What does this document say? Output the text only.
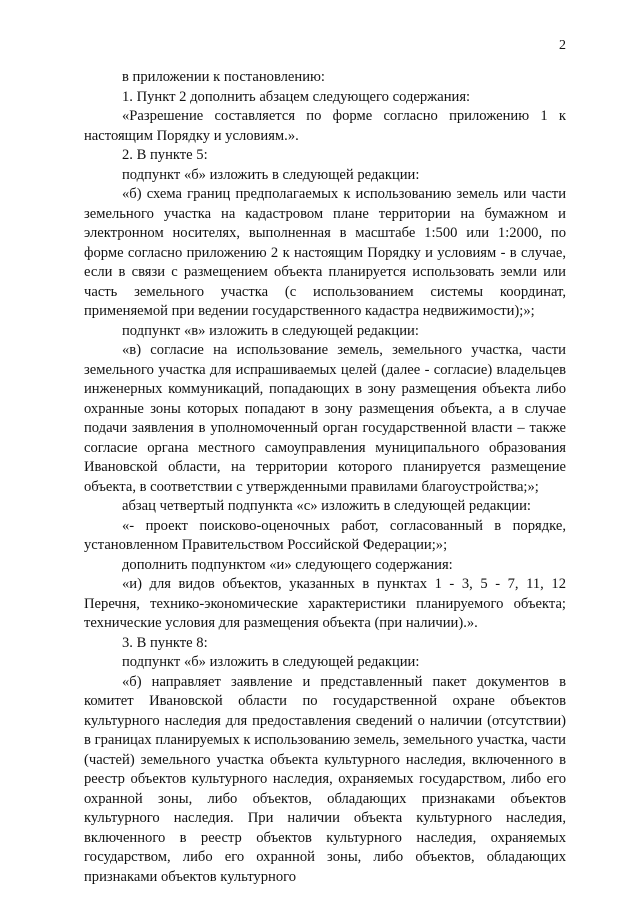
2

в приложении к постановлению:

1. Пункт 2 дополнить абзацем следующего содержания:

«Разрешение составляется по форме согласно приложению 1 к настоящим Порядку и условиям.».

2. В пункте 5:

подпункт «б» изложить в следующей редакции:

«б) схема границ предполагаемых к использованию земель или части земельного участка на кадастровом плане территории на бумажном и электронном носителях, выполненная в масштабе 1:500 или 1:2000, по форме согласно приложению 2 к настоящим Порядку и условиям - в случае, если в связи с размещением объекта планируется использовать земли или часть земельного участка (с использованием системы координат, применяемой при ведении государственного кадастра недвижимости);»;

подпункт «в» изложить в следующей редакции:

«в) согласие на использование земель, земельного участка, части земельного участка для испрашиваемых целей (далее - согласие) владельцев инженерных коммуникаций, попадающих в зону размещения объекта либо охранные зоны которых попадают в зону размещения объекта, а в случае подачи заявления в уполномоченный орган государственной власти – также согласие органа местного самоуправления муниципального образования Ивановской области, на территории которого планируется размещение объекта, в соответствии с утвержденными правилами благоустройства;»;

абзац четвертый подпункта «с» изложить в следующей редакции:

«- проект поисково-оценочных работ, согласованный в порядке, установленном Правительством Российской Федерации;»;

дополнить подпунктом «и» следующего содержания:

«и) для видов объектов, указанных в пунктах 1 - 3, 5 - 7, 11, 12 Перечня, технико-экономические характеристики планируемого объекта; технические условия для размещения объекта (при наличии).».

3. В пункте 8:

подпункт «б» изложить в следующей редакции:

«б) направляет заявление и представленный пакет документов в комитет Ивановской области по государственной охране объектов культурного наследия для предоставления сведений о наличии (отсутствии) в границах планируемых к использованию земель, земельного участка, части (частей) земельного участка объекта культурного наследия, включенного в реестр объектов культурного наследия, охраняемых государством, либо его охранной зоны, либо объектов, обладающих признаками объектов культурного наследия. При наличии объекта культурного наследия, включенного в реестр объектов культурного наследия, охраняемых государством, либо его охранной зоны, либо объектов, обладающих признаками объектов культурного
